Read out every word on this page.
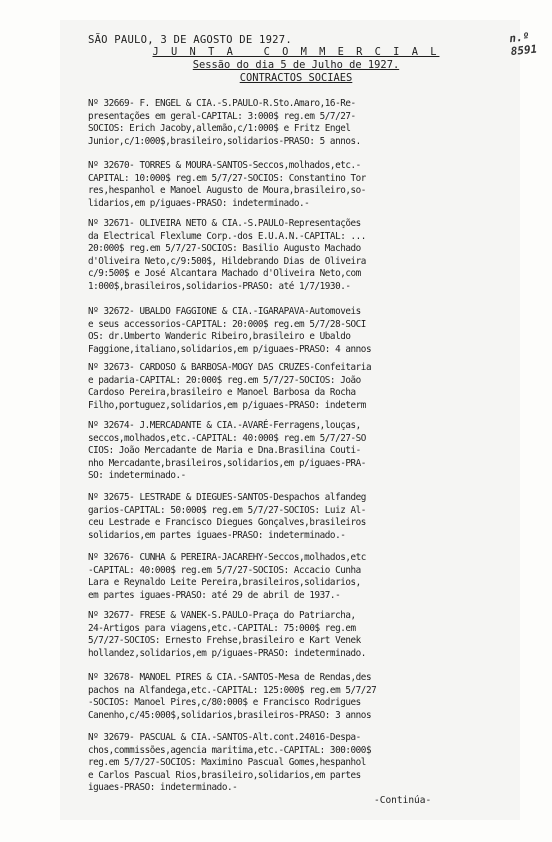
SÃO PAULO, 3 DE AGOSTO DE 1927.	n.º 8591
J U N T A   C O M M E R C I A L
Sessão do dia 5 de Julho de 1927.
CONTRACTOS SOCIAES
Nº 32669- F. ENGEL & CIA.-S.PAULO-R.Sto.Amaro,16-Re-
presentações em geral-CAPITAL: 3:000$ reg.em 5/7/27-
SOCIOS: Erich Jacoby,allemão,c/1:000$ e Fritz Engel
Junior,c/1:000$,brasileiro,solidarios-PRASO: 5 annos.
Nº 32670- TORRES & MOURA-SANTOS-Seccos,molhados,etc.-
CAPITAL: 10:000$ reg.em 5/7/27-SOCIOS: Constantino Tor
res,hespanhol e Manoel Augusto de Moura,brasileiro,so-
lidarios,em p/iguaes-PRASO: indeterminado.-
Nº 32671- OLIVEIRA NETO & CIA.-S.PAULO-Representações
da Electrical Flexlume Corp.-dos E.U.A.N.-CAPITAL: ...
20:000$ reg.em 5/7/27-SOCIOS: Basilio Augusto Machado
d'Oliveira Neto,c/9:500$, Hildebrando Dias de Oliveira
c/9:500$ e José Alcantara Machado d'Oliveira Neto,com
1:000$,brasileiros,solidarios-PRASO: até 1/7/1930.-
Nº 32672- UBALDO FAGGIONE & CIA.-IGARAPAVA-Automoveis
e seus accessorios-CAPITAL: 20:000$ reg.em 5/7/28-SOCI
OS: dr.Umberto Wanderic Ribeiro,brasileiro e Ubaldo
Faggione,italiano,solidarios,em p/iguaes-PRASO: 4 annos
Nº 32673- CARDOSO & BARBOSA-MOGY DAS CRUZES-Confeitaria
e padaria-CAPITAL: 20:000$ reg.em 5/7/27-SOCIOS: João
Cardoso Pereira,brasileiro e Manoel Barbosa da Rocha
Filho,portuguez,solidarios,em p/iguaes-PRASO: indeterm
Nº 32674- J.MERCADANTE & CIA.-AVARÉ-Ferragens,louças,
seccos,molhados,etc.-CAPITAL: 40:000$ reg.em 5/7/27-SO
CIOS: João Mercadante de Maria e Dna.Brasilina Couti-
nho Mercadante,brasileiros,solidarios,em p/iguaes-PRA-
SO: indeterminado.-
Nº 32675- LESTRADE & DIEGUES-SANTOS-Despachos alfandeg
garios-CAPITAL: 50:000$ reg.em 5/7/27-SOCIOS: Luiz Al-
ceu Lestrade e Francisco Diegues Gonçalves,brasileiros
solidarios,em partes iguaes-PRASO: indeterminado.-
Nº 32676- CUNHA & PEREIRA-JACAREHY-Seccos,molhados,etc
-CAPITAL: 40:000$ reg.em 5/7/27-SOCIOS: Accacio Cunha
Lara e Reynaldo Leite Pereira,brasileiros,solidarios,
em partes iguaes-PRASO: até 29 de abril de 1937.-
Nº 32677- FRESE & VANEK-S.PAULO-Praça do Patriarcha,
24-Artigos para viagens,etc.-CAPITAL: 75:000$ reg.em
5/7/27-SOCIOS: Ernesto Frehse,brasileiro e Kart Venek
hollandez,solidarios,em p/iguaes-PRASO: indeterminado.
Nº 32678- MANOEL PIRES & CIA.-SANTOS-Mesa de Rendas,des
pachos na Alfandega,etc.-CAPITAL: 125:000$ reg.em 5/7/27
-SOCIOS: Manoel Pires,c/80:000$ e Francisco Rodrigues
Canenho,c/45:000$,solidarios,brasileiros-PRASO: 3 annos
Nº 32679- PASCUAL & CIA.-SANTOS-Alt.cont.24016-Despa-
chos,commissões,agencia maritima,etc.-CAPITAL: 300:000$
reg.em 5/7/27-SOCIOS: Maximino Pascual Gomes,hespanhol
e Carlos Pascual Rios,brasileiro,solidarios,em partes
iguaes-PRASO: indeterminado.-
-Continúa-
